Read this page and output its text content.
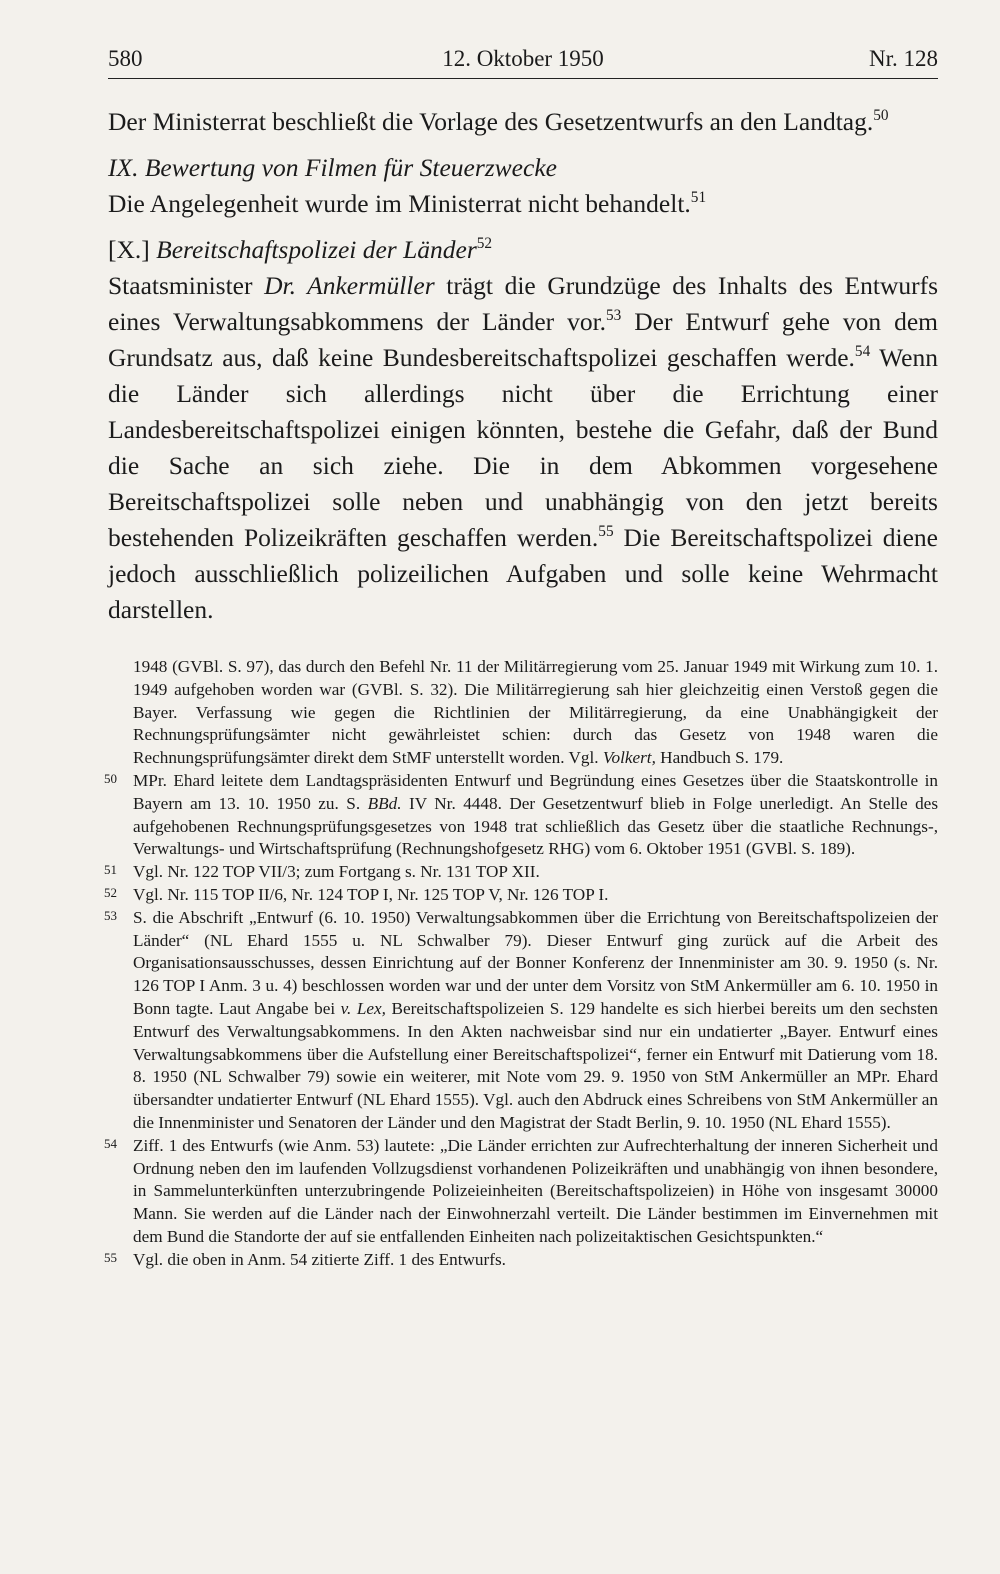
580	12. Oktober 1950	Nr. 128

Der Ministerrat beschließt die Vorlage des Gesetzentwurfs an den Landtag.$^{50}$

IX. Bewertung von Filmen für Steuerzwecke

Die Angelegenheit wurde im Ministerrat nicht behandelt.$^{51}$

[X.] Bereitschaftspolizei der Länder$^{52}$

Staatsminister Dr. Ankermüller trägt die Grundzüge des Inhalts des Entwurfs eines Verwaltungsabkommens der Länder vor.$^{53}$ Der Entwurf gehe von dem Grundsatz aus, daß keine Bundesbereitschaftspolizei geschaffen werde.$^{54}$ Wenn die Länder sich allerdings nicht über die Errichtung einer Landesbereitschaftspolizei einigen könnten, bestehe die Gefahr, daß der Bund die Sache an sich ziehe. Die in dem Abkommen vorgesehene Bereitschaftspolizei solle neben und unabhängig von den jetzt bereits bestehenden Polizeikräften geschaffen werden.$^{55}$ Die Bereitschaftspolizei diene jedoch ausschließlich polizeilichen Aufgaben und solle keine Wehrmacht darstellen.

1948 (GVBl. S. 97), das durch den Befehl Nr. 11 der Militärregierung vom 25. Januar 1949 mit Wirkung zum 10. 1. 1949 aufgehoben worden war (GVBl. S. 32). Die Militärregierung sah hier gleichzeitig einen Verstoß gegen die Bayer. Verfassung wie gegen die Richtlinien der Militärregierung, da eine Unabhängigkeit der Rechnungsprüfungsämter nicht gewährleistet schien: durch das Gesetz von 1948 waren die Rechnungsprüfungsämter direkt dem StMF unterstellt worden. Vgl. Volkert, Handbuch S. 179.

50 MPr. Ehard leitete dem Landtagspräsidenten Entwurf und Begründung eines Gesetzes über die Staatskontrolle in Bayern am 13. 10. 1950 zu. S. BBd. IV Nr. 4448. Der Gesetzentwurf blieb in Folge unerledigt. An Stelle des aufgehobenen Rechnungsprüfungsgesetzes von 1948 trat schließlich das Gesetz über die staatliche Rechnungs-, Verwaltungs- und Wirtschaftsprüfung (Rechnungshofgesetz RHG) vom 6. Oktober 1951 (GVBl. S. 189).

51 Vgl. Nr. 122 TOP VII/3; zum Fortgang s. Nr. 131 TOP XII.

52 Vgl. Nr. 115 TOP II/6, Nr. 124 TOP I, Nr. 125 TOP V, Nr. 126 TOP I.

53 S. die Abschrift „Entwurf (6. 10. 1950) Verwaltungsabkommen über die Errichtung von Bereitschaftspolizeien der Länder“ (NL Ehard 1555 u. NL Schwalber 79). Dieser Entwurf ging zurück auf die Arbeit des Organisationsausschusses, dessen Einrichtung auf der Bonner Konferenz der Innenminister am 30. 9. 1950 (s. Nr. 126 TOP I Anm. 3 u. 4) beschlossen worden war und der unter dem Vorsitz von StM Ankermüller am 6. 10. 1950 in Bonn tagte. Laut Angabe bei v. Lex, Bereitschaftspolizeien S. 129 handelte es sich hierbei bereits um den sechsten Entwurf des Verwaltungsabkommens. In den Akten nachweisbar sind nur ein undatierter „Bayer. Entwurf eines Verwaltungsabkommens über die Aufstellung einer Bereitschaftspolizei“, ferner ein Entwurf mit Datierung vom 18. 8. 1950 (NL Schwalber 79) sowie ein weiterer, mit Note vom 29. 9. 1950 von StM Ankermüller an MPr. Ehard übersandter undatierter Entwurf (NL Ehard 1555). Vgl. auch den Abdruck eines Schreibens von StM Ankermüller an die Innenminister und Senatoren der Länder und den Magistrat der Stadt Berlin, 9. 10. 1950 (NL Ehard 1555).

54 Ziff. 1 des Entwurfs (wie Anm. 53) lautete: „Die Länder errichten zur Aufrechterhaltung der inneren Sicherheit und Ordnung neben den im laufenden Vollzugsdienst vorhandenen Polizeikräften und unabhängig von ihnen besondere, in Sammelunterkünften unterzubringende Polizeieinheiten (Bereitschaftspolizeien) in Höhe von insgesamt 30000 Mann. Sie werden auf die Länder nach der Einwohnerzahl verteilt. Die Länder bestimmen im Einvernehmen mit dem Bund die Standorte der auf sie entfallenden Einheiten nach polizeitaktischen Gesichtspunkten.“

55 Vgl. die oben in Anm. 54 zitierte Ziff. 1 des Entwurfs.
